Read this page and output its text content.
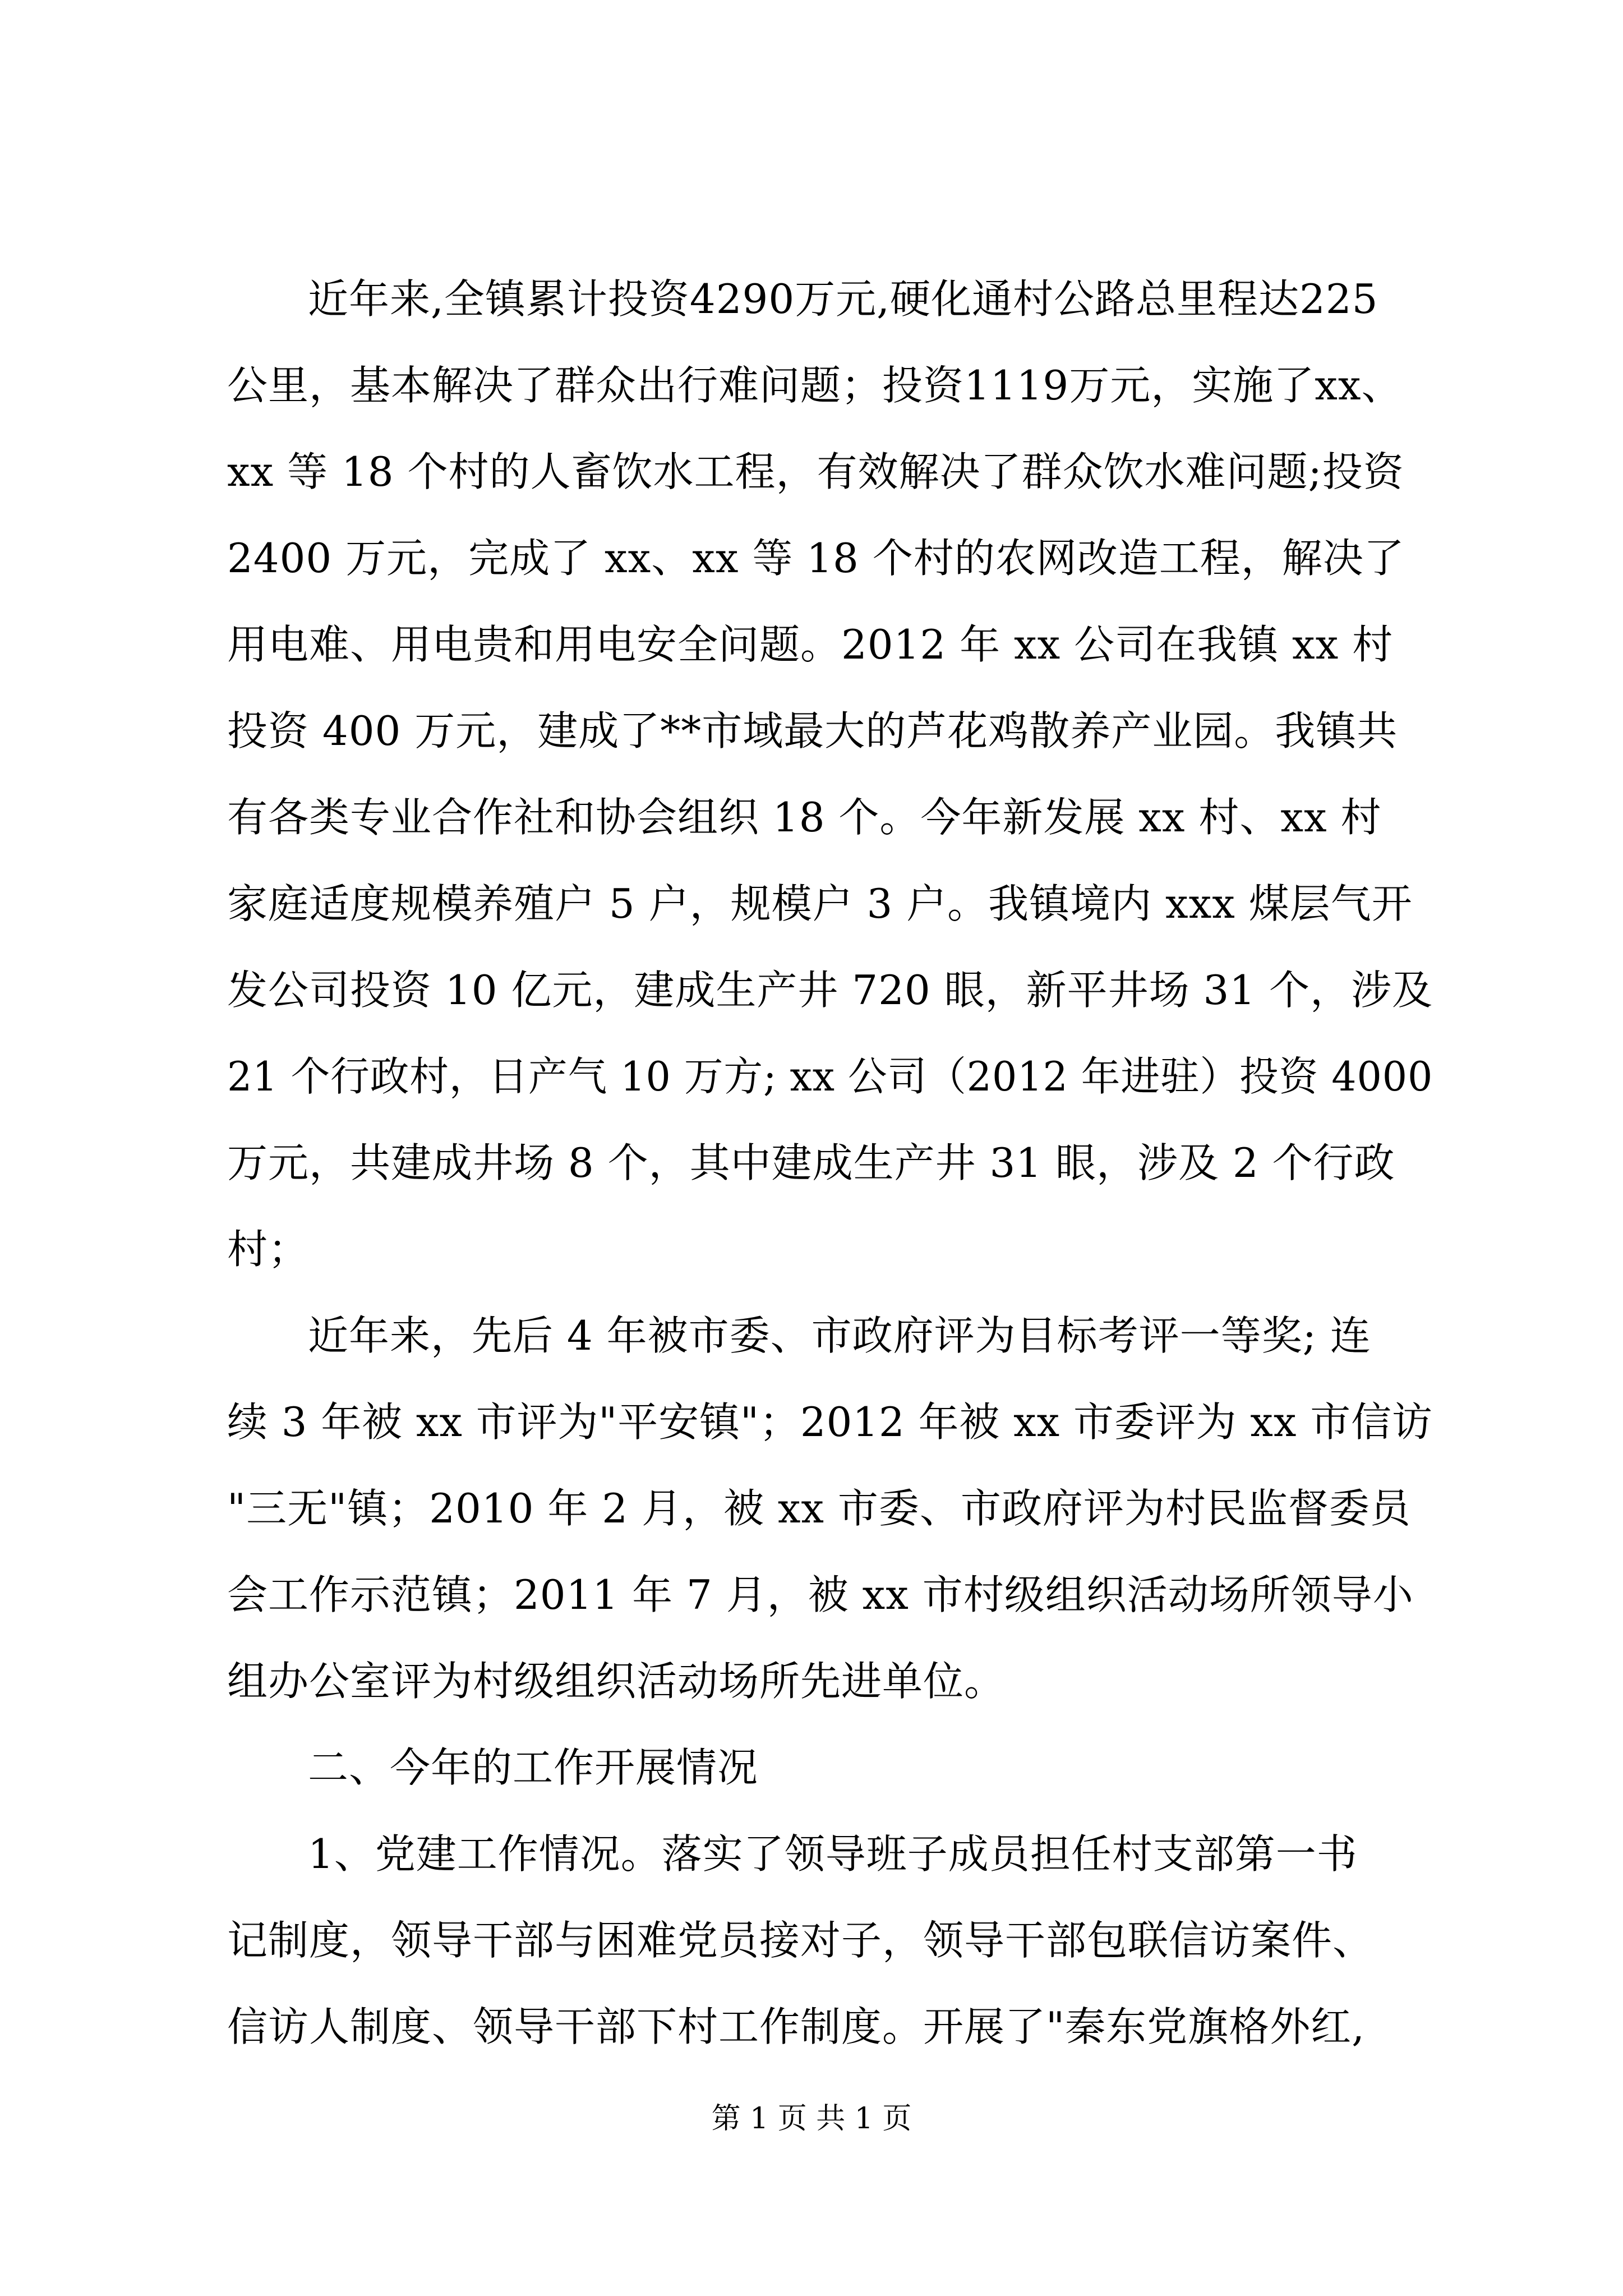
近年来,全镇累计投资4290万元,硬化通村公路总里程达225
公里，基本解决了群众出行难问题；投资1119万元，实施了xx、
xx 等 18 个村的人畜饮水工程，有效解决了群众饮水难问题;投资
2400 万元，完成了 xx、xx 等 18 个村的农网改造工程，解决了
用电难、用电贵和用电安全问题。2012 年 xx 公司在我镇 xx 村
投资 400 万元，建成了**市域最大的芦花鸡散养产业园。我镇共
有各类专业合作社和协会组织 18 个。今年新发展 xx 村、xx 村
家庭适度规模养殖户 5 户，规模户 3 户。我镇境内 xxx 煤层气开
发公司投资 10 亿元，建成生产井 720 眼，新平井场 31 个，涉及
21 个行政村，日产气 10 万方; xx 公司（2012 年进驻）投资 4000
万元，共建成井场 8 个，其中建成生产井 31 眼，涉及 2 个行政
村；
近年来，先后 4 年被市委、市政府评为目标考评一等奖; 连
续 3 年被 xx 市评为"平安镇"；2012 年被 xx 市委评为 xx 市信访
"三无"镇；2010 年 2 月，被 xx 市委、市政府评为村民监督委员
会工作示范镇；2011 年 7 月，被 xx 市村级组织活动场所领导小
组办公室评为村级组织活动场所先进单位。
二、今年的工作开展情况
1、党建工作情况。落实了领导班子成员担任村支部第一书
记制度，领导干部与困难党员接对子，领导干部包联信访案件、
信访人制度、领导干部下村工作制度。开展了"秦东党旗格外红,
第 1 页 共 1 页
